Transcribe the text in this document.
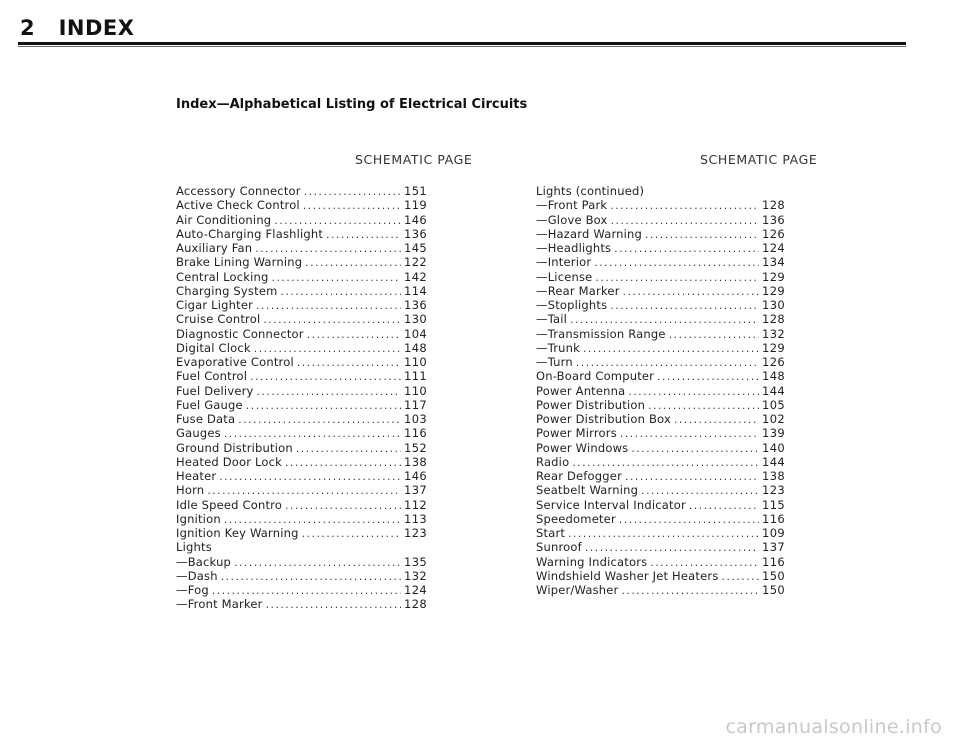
2 INDEX
Index—Alphabetical Listing of Electrical Circuits
SCHEMATIC PAGE	SCHEMATIC PAGE
Accessory Connector .....	151
Active Check Control .....	119
Air Conditioning .....	146
Auto-Charging Flashlight .....	136
Auxiliary Fan .....	145
Brake Lining Warning .....	122
Central Locking .....	142
Charging System .....	114
Cigar Lighter .....	136
Cruise Control .....	130
Diagnostic Connector .....	104
Digital Clock .....	148
Evaporative Control .....	110
Fuel Control .....	111
Fuel Delivery .....	110
Fuel Gauge .....	117
Fuse Data .....	103
Gauges .....	116
Ground Distribution .....	152
Heated Door Lock .....	138
Heater .....	146
Horn .....	137
Idle Speed Contro .....	112
Ignition .....	113
Ignition Key Warning .....	123
Lights
—Backup .....	135
—Dash .....	132
—Fog .....	124
—Front Marker .....	128
Lights (continued)
—Front Park .....	128
—Glove Box .....	136
—Hazard Warning .....	126
—Headlights .....	124
—Interior .....	134
—License .....	129
—Rear Marker .....	129
—Stoplights .....	130
—Tail .....	128
—Transmission Range .....	132
—Trunk .....	129
—Turn .....	126
On-Board Computer .....	148
Power Antenna .....	144
Power Distribution .....	105
Power Distribution Box .....	102
Power Mirrors .....	139
Power Windows .....	140
Radio .....	144
Rear Defogger .....	138
Seatbelt Warning .....	123
Service Interval Indicator .....	115
Speedometer .....	116
Start .....	109
Sunroof .....	137
Warning Indicators .....	116
Windshield Washer Jet Heaters .....	150
Wiper/Washer .....	150
carmanualsonline.info
